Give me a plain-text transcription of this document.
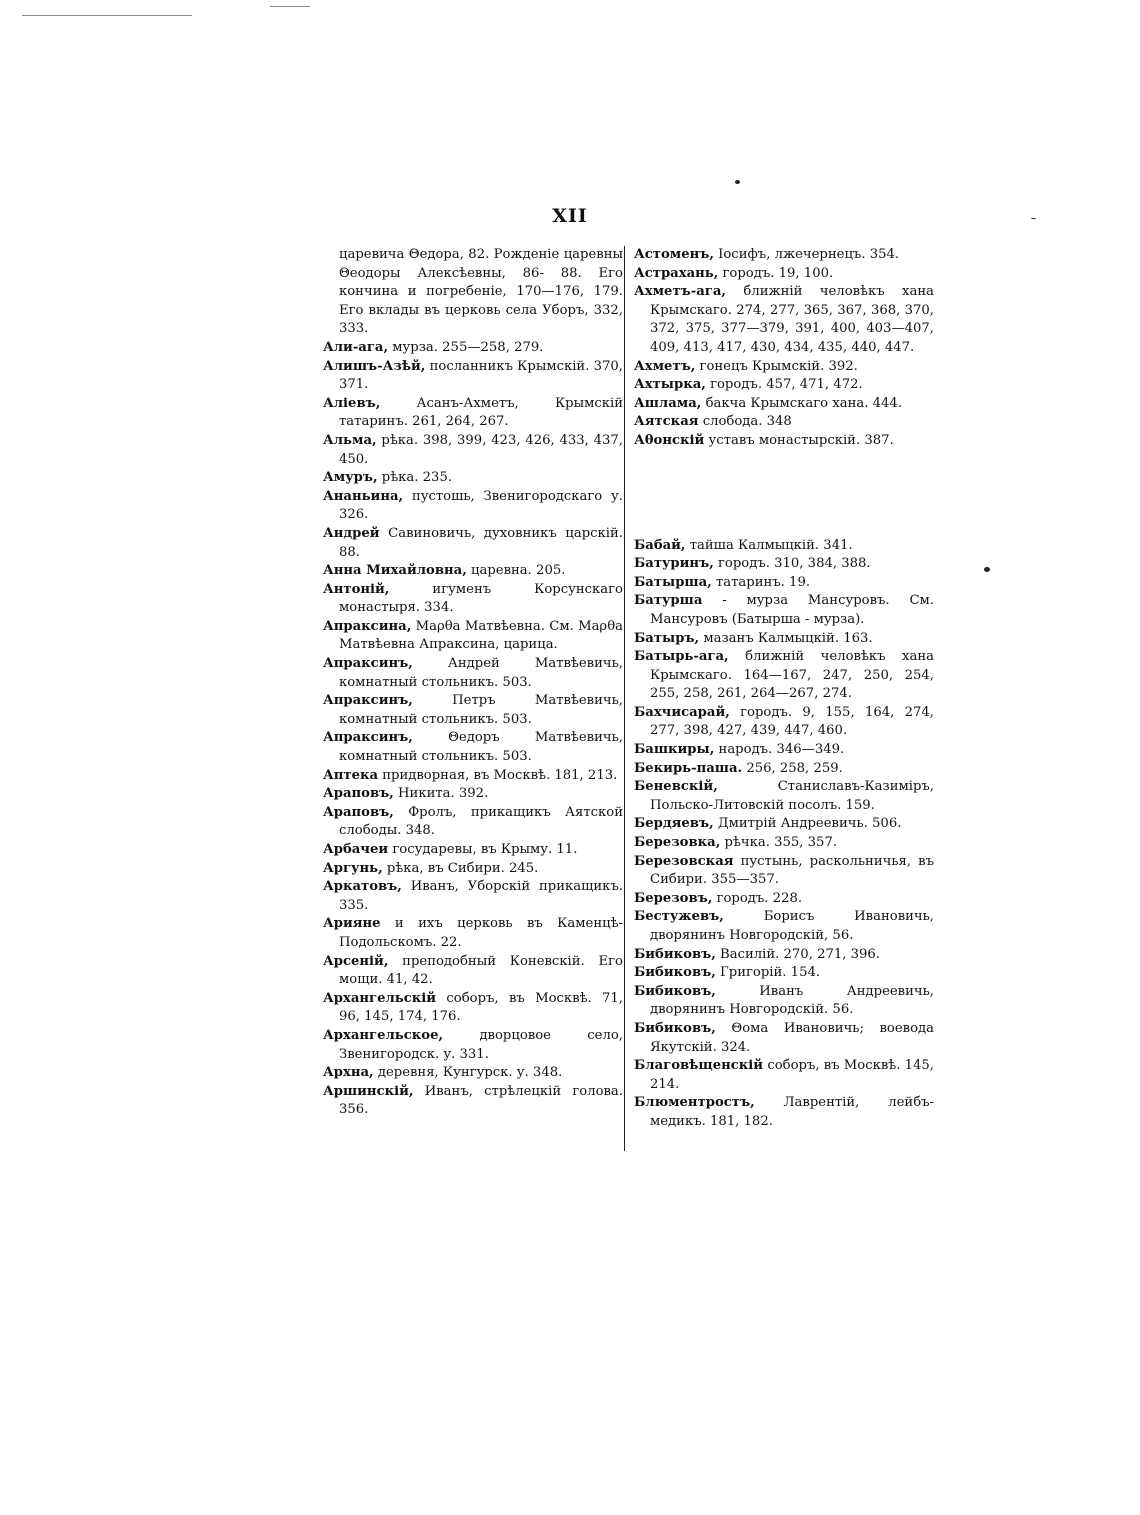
XII
царевича Θедора, 82. Рожденіе царевны Θеодоры Алексѣевны, 86- 88. Его кончина и погребеніе, 170—176, 179. Его вклады въ церковь села Уборъ, 332, 333.
Али-ага, мурза. 255—258, 279.
Алишъ-Азѣй, посланникъ Крымскій. 370, 371.
Аліевъ,	Асанъ-Ахметъ, Крымскій татаринъ. 261, 264, 267.
Альма, рѣка. 398, 399, 423, 426, 433, 437, 450.
Амуръ, рѣка. 235.
Ананьина, пустошь, Звенигородскаго у. 326.
Андрей Савиновичь, духовникъ царскій. 88.
Анна Михайловна, царевна. 205.
Антоній,	игуменъ Корсунскаго монастыря. 334.
Апраксина, Маρθа Матвѣевна. См. Маρθа Матвѣевна Апраксина, царица.
Апраксинъ,	Андрей Матвѣевичь, комнатный стольникъ. 503.
Апраксинъ,	Петръ Матвѣевичь, комнатный стольникъ. 503.
Апраксинъ,	Θедоръ Матвѣевичь, комнатный стольникъ. 503.
Аптека придворная, въ Москвѣ. 181, 213.
Араповъ, Никита. 392.
Араповъ, Фролъ, прикащикъ Аятской слободы. 348.
Арбачеи государевы, въ Крыму. 11.
Аргунь, рѣка, въ Сибири. 245.
Аркатовъ, Иванъ, Уборскій прикащикъ. 335.
Арияне и ихъ церковь въ Каменцѣ-Подольскомъ. 22.
Арсеній, преподобный Коневскій. Его мощи. 41, 42.
Архангельскій соборъ, въ Москвѣ. 71, 96, 145, 174, 176.
Архангельское,	дворцовое село, Звенигородск. у. 331.
Архна, деревня, Кунгурск. у. 348.
Аршинскій, Иванъ, стрѣлецкій голова. 356.
Астоменъ, Іосифъ, лжечернецъ. 354.
Астрахань, городъ. 19, 100.
Ахметъ-ага, ближній человѣкъ хана Крымскаго. 274, 277, 365, 367, 368, 370, 372, 375, 377—379, 391, 400, 403—407, 409, 413, 417, 430, 434, 435, 440, 447.
Ахметъ, гонецъ Крымскій. 392.
Ахтырка, городъ. 457, 471, 472.
Ашлама, бакча Крымскаго хана. 444.
Аятская слобода. 348
Аθонскій уставъ монастырскій. 387.
Бабай, тайша Калмыцкій. 341.
Батуринъ, городъ. 310, 384, 388.
Батырша, татаринъ. 19.
Батурша - мурза Мансуровъ. См. Мансуровъ (Батырша - мурза).
Батыръ, мазанъ Калмыцкій. 163.
Батырь-ага, ближній человѣкъ хана Крымскаго. 164—167, 247, 250, 254, 255, 258, 261, 264—267, 274.
Бахчисарай, городъ. 9, 155, 164, 274, 277, 398, 427, 439, 447, 460.
Башкиры, народъ. 346—349.
Бекирь-паша. 256, 258, 259.
Беневскій,	Станиславъ-Казиміръ, Польско-Литовскій посолъ. 159.
Бердяевъ, Дмитрій Андреевичь. 506.
Березовка, рѣчка. 355, 357.
Березовская пустынь, раскольничья, въ Сибири. 355—357.
Березовъ, городъ. 228.
Бестужевъ,	Борисъ Ивановичь, дворянинъ Новгородскій, 56.
Бибиковъ, Василій. 270, 271, 396.
Бибиковъ, Григорій. 154.
Бибиковъ,	Иванъ Андреевичь, дворянинъ Новгородскій. 56.
Бибиковъ, Θома Ивановичь; воевода Якутскій. 324.
Благовѣщенскій соборъ, въ Москвѣ. 145, 214.
Блюментростъ, Лаврентій, лейбъ-медикъ. 181, 182.
